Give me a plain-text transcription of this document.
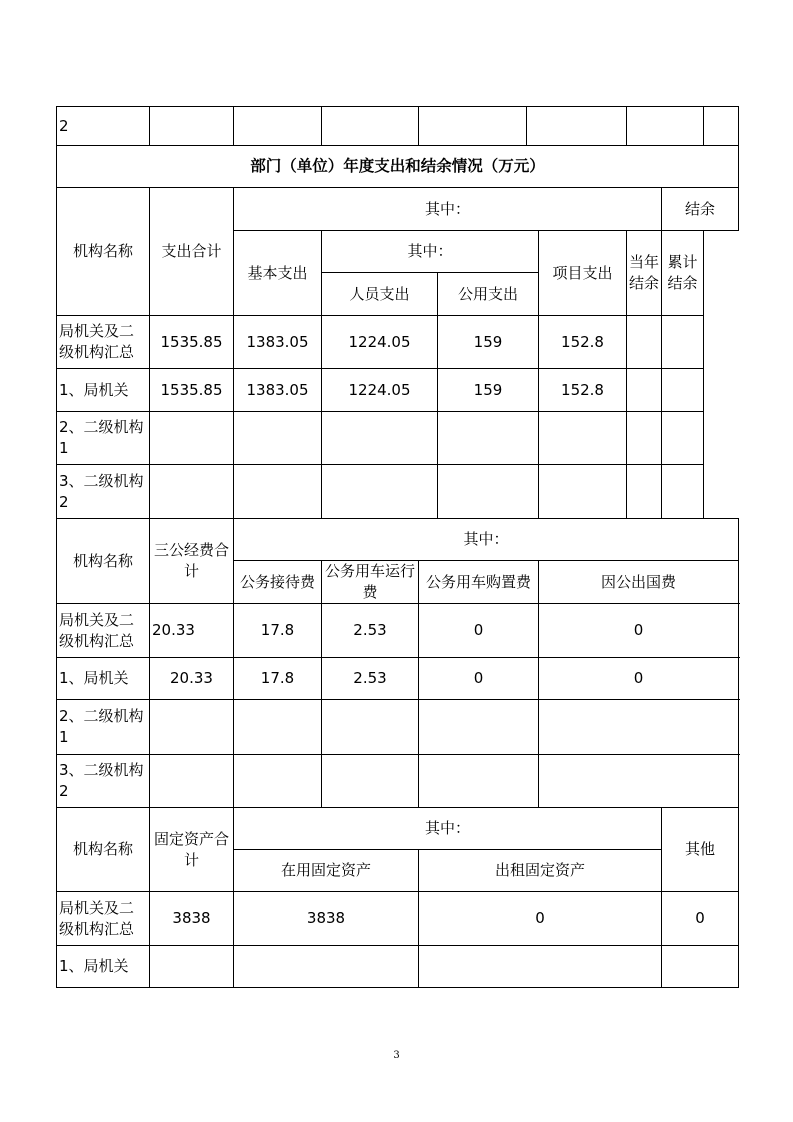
2										
部门（单位）年度支出和结余情况（万元）										
机构名称	支出合计	其中：							结余	
		基本支出	其中：				项目支出	当年结余	累计结余	
			人员支出		公用支出					
局机关及二级机构汇总	1535.85	1383.05	1224.05		159		152.8			
1、局机关	1535.85	1383.05	1224.05		159		152.8			
2、二级机构1										
3、二级机构2										
机构名称	三公经费合计	其中：								
		公务接待费	公务用车运行费	公务用车购置费			因公出国费			
局机关及二级机构汇总	20.33	17.8	2.53	0			0			
1、局机关	20.33	17.8	2.53	0			0			
2、二级机构1										
3、二级机构2										
机构名称	固定资产合计	其中：							其他	
		在用固定资产		出租固定资产						
局机关及二级机构汇总	3838	3838		0					0	
1、局机关										
3
